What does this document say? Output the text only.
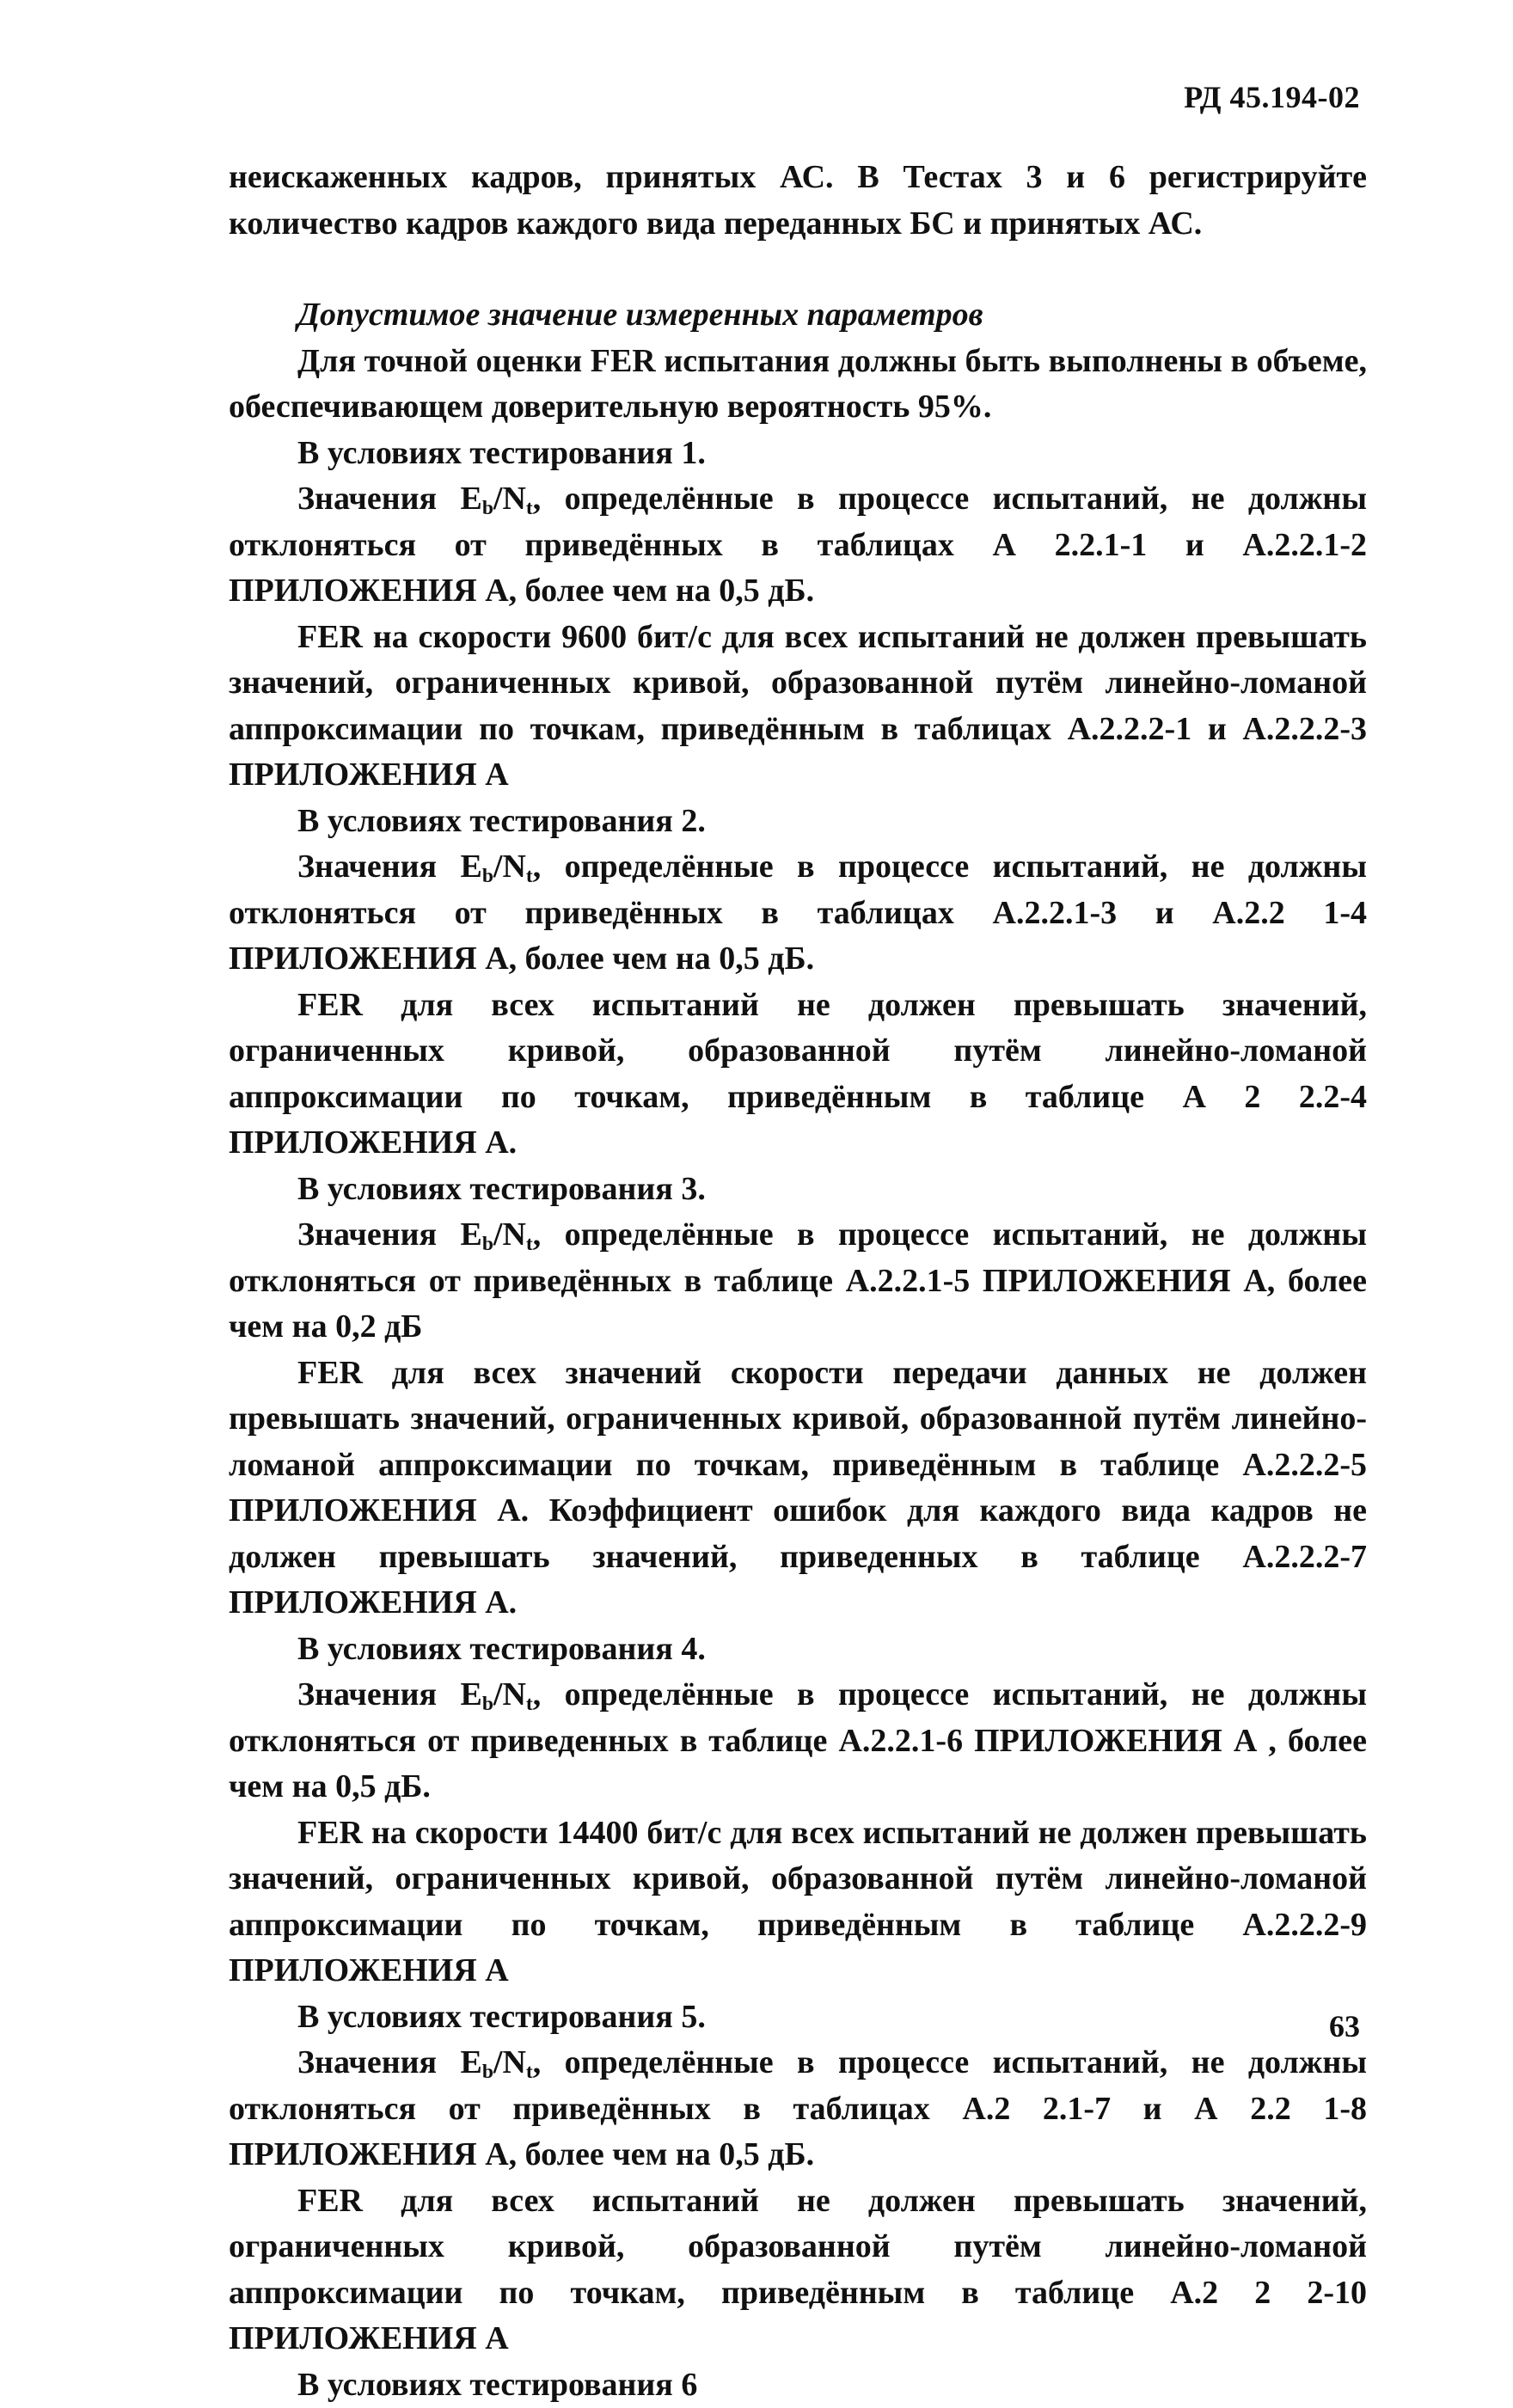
РД 45.194-02

неискаженных кадров, принятых АС. В Тестах 3 и 6 регистрируйте количество кадров каждого вида переданных БС и принятых АС.

Допустимое значение измеренных параметров

Для точной оценки FER испытания должны быть выполнены в объеме, обеспечивающем доверительную вероятность 95%.

В условиях тестирования 1.

Значения $E_b/N_t$, определённые в процессе испытаний, не должны отклоняться от приведённых в таблицах А 2.2.1-1 и А.2.2.1-2 ПРИЛОЖЕНИЯ А, более чем на 0,5 дБ.

FER на скорости 9600 бит/с для всех испытаний не должен превышать значений, ограниченных кривой, образованной путём линейно-ломаной аппроксимации по точкам, приведённым в таблицах А.2.2.2-1 и А.2.2.2-3 ПРИЛОЖЕНИЯ А

В условиях тестирования 2.

Значения $E_b/N_t$, определённые в процессе испытаний, не должны отклоняться от приведённых в таблицах А.2.2.1-3 и А.2.2 1-4 ПРИЛОЖЕНИЯ А, более чем на 0,5 дБ.

FER для всех испытаний не должен превышать значений, ограниченных кривой, образованной путём линейно-ломаной аппроксимации по точкам, приведённым в таблице А 2 2.2-4 ПРИЛОЖЕНИЯ А.

В условиях тестирования 3.

Значения $E_b/N_t$, определённые в процессе испытаний, не должны отклоняться от приведённых в таблице А.2.2.1-5 ПРИЛОЖЕНИЯ А, более чем на 0,2 дБ

FER для всех значений скорости передачи данных не должен превышать значений, ограниченных кривой, образованной путём линейно-ломаной аппроксимации по точкам, приведённым в таблице А.2.2.2-5 ПРИЛОЖЕНИЯ А. Коэффициент ошибок для каждого вида кадров не должен превышать значений, приведенных в таблице А.2.2.2-7 ПРИЛОЖЕНИЯ А.

В условиях тестирования 4.

Значения $E_b/N_t$, определённые в процессе испытаний, не должны отклоняться от приведенных в таблице А.2.2.1-6 ПРИЛОЖЕНИЯ А , более чем на 0,5 дБ.

FER на скорости 14400 бит/с для всех испытаний не должен превышать значений, ограниченных кривой, образованной путём линейно-ломаной аппроксимации по точкам, приведённым в таблице А.2.2.2-9 ПРИЛОЖЕНИЯ А

В условиях тестирования 5.

Значения $E_b/N_t$, определённые в процессе испытаний, не должны отклоняться от приведённых в таблицах А.2 2.1-7 и А 2.2 1-8 ПРИЛОЖЕНИЯ А, более чем на 0,5 дБ.

FER для всех испытаний не должен превышать значений, ограниченных кривой, образованной путём линейно-ломаной аппроксимации по точкам, приведённым в таблице А.2 2 2-10 ПРИЛОЖЕНИЯ А

В условиях тестирования 6

63
